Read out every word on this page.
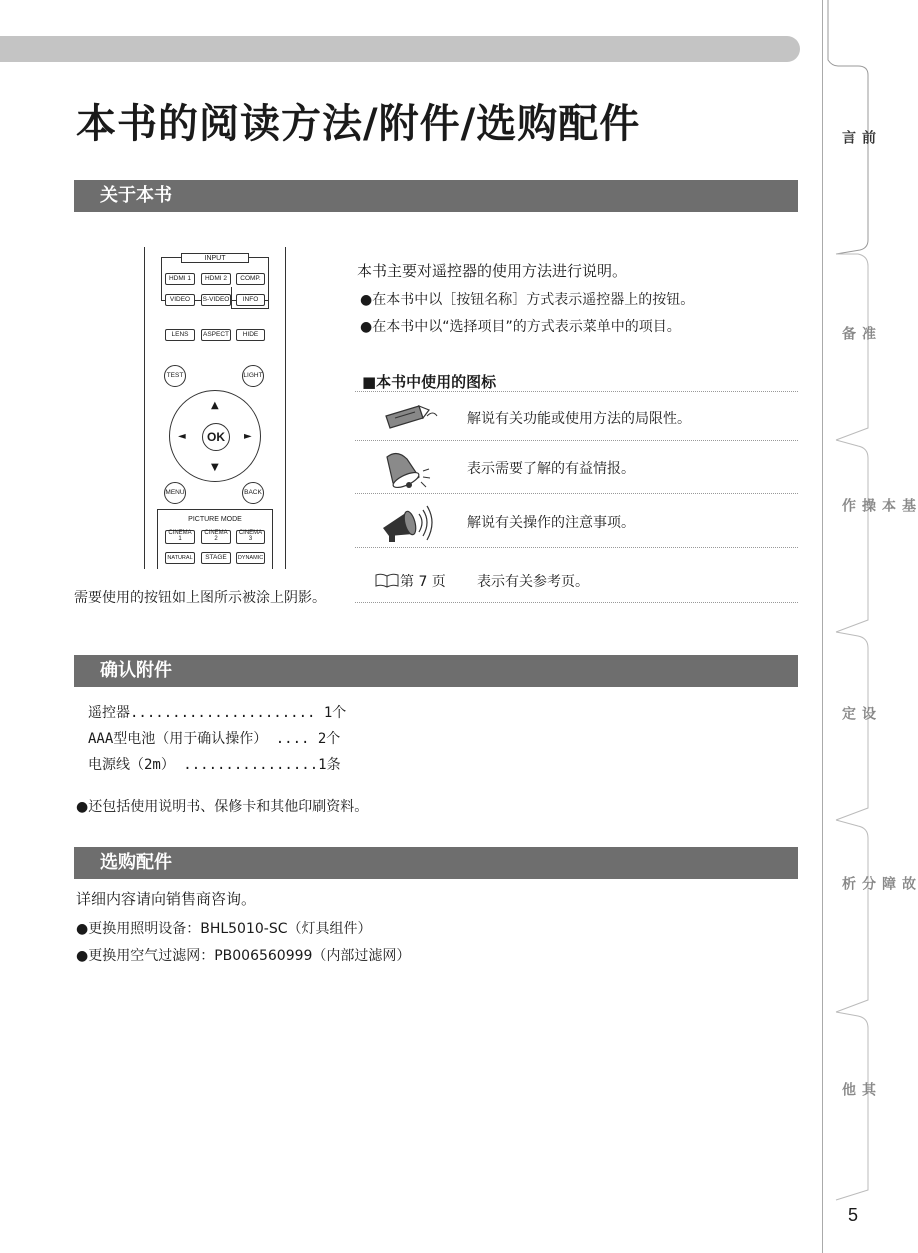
本书的阅读方法/附件/选购配件
关于本书
INPUT
HDMI 1	HDMI 2	COMP.
VIDEO	S-VIDEO	INFO
LENS	ASPECT	HIDE
TEST	LIGHT
▲
▼
◄	►
OK
MENU	BACK
PICTURE MODE
CINEMA
1
CINEMA
2
CINEMA
3
NATURAL	STAGE	DYNAMIC
需要使用的按钮如上图所示被涂上阴影。
本书主要对遥控器的使用方法进行说明。
●在本书中以［按钮名称］方式表示遥控器上的按钮。
●在本书中以“选择项目”的方式表示菜单中的项目。
■本书中使用的图标
解说有关功能或使用方法的局限性。
表示需要了解的有益情报。
解说有关操作的注意事项。
第 7 页 表示有关参考页。
确认附件
遥控器...................... 1个
AAA型电池（用于确认操作） .... 2个
电源线（2m） ................1条
●还包括使用说明书、保修卡和其他印刷资料。
选购配件
详细内容请向销售商咨询。
●更换用照明设备：BHL5010-SC（灯具组件）
●更换用空气过滤网：PB006560999（内部过滤网）
前言
准备
基本操作
设定
故障分析
其他
5
